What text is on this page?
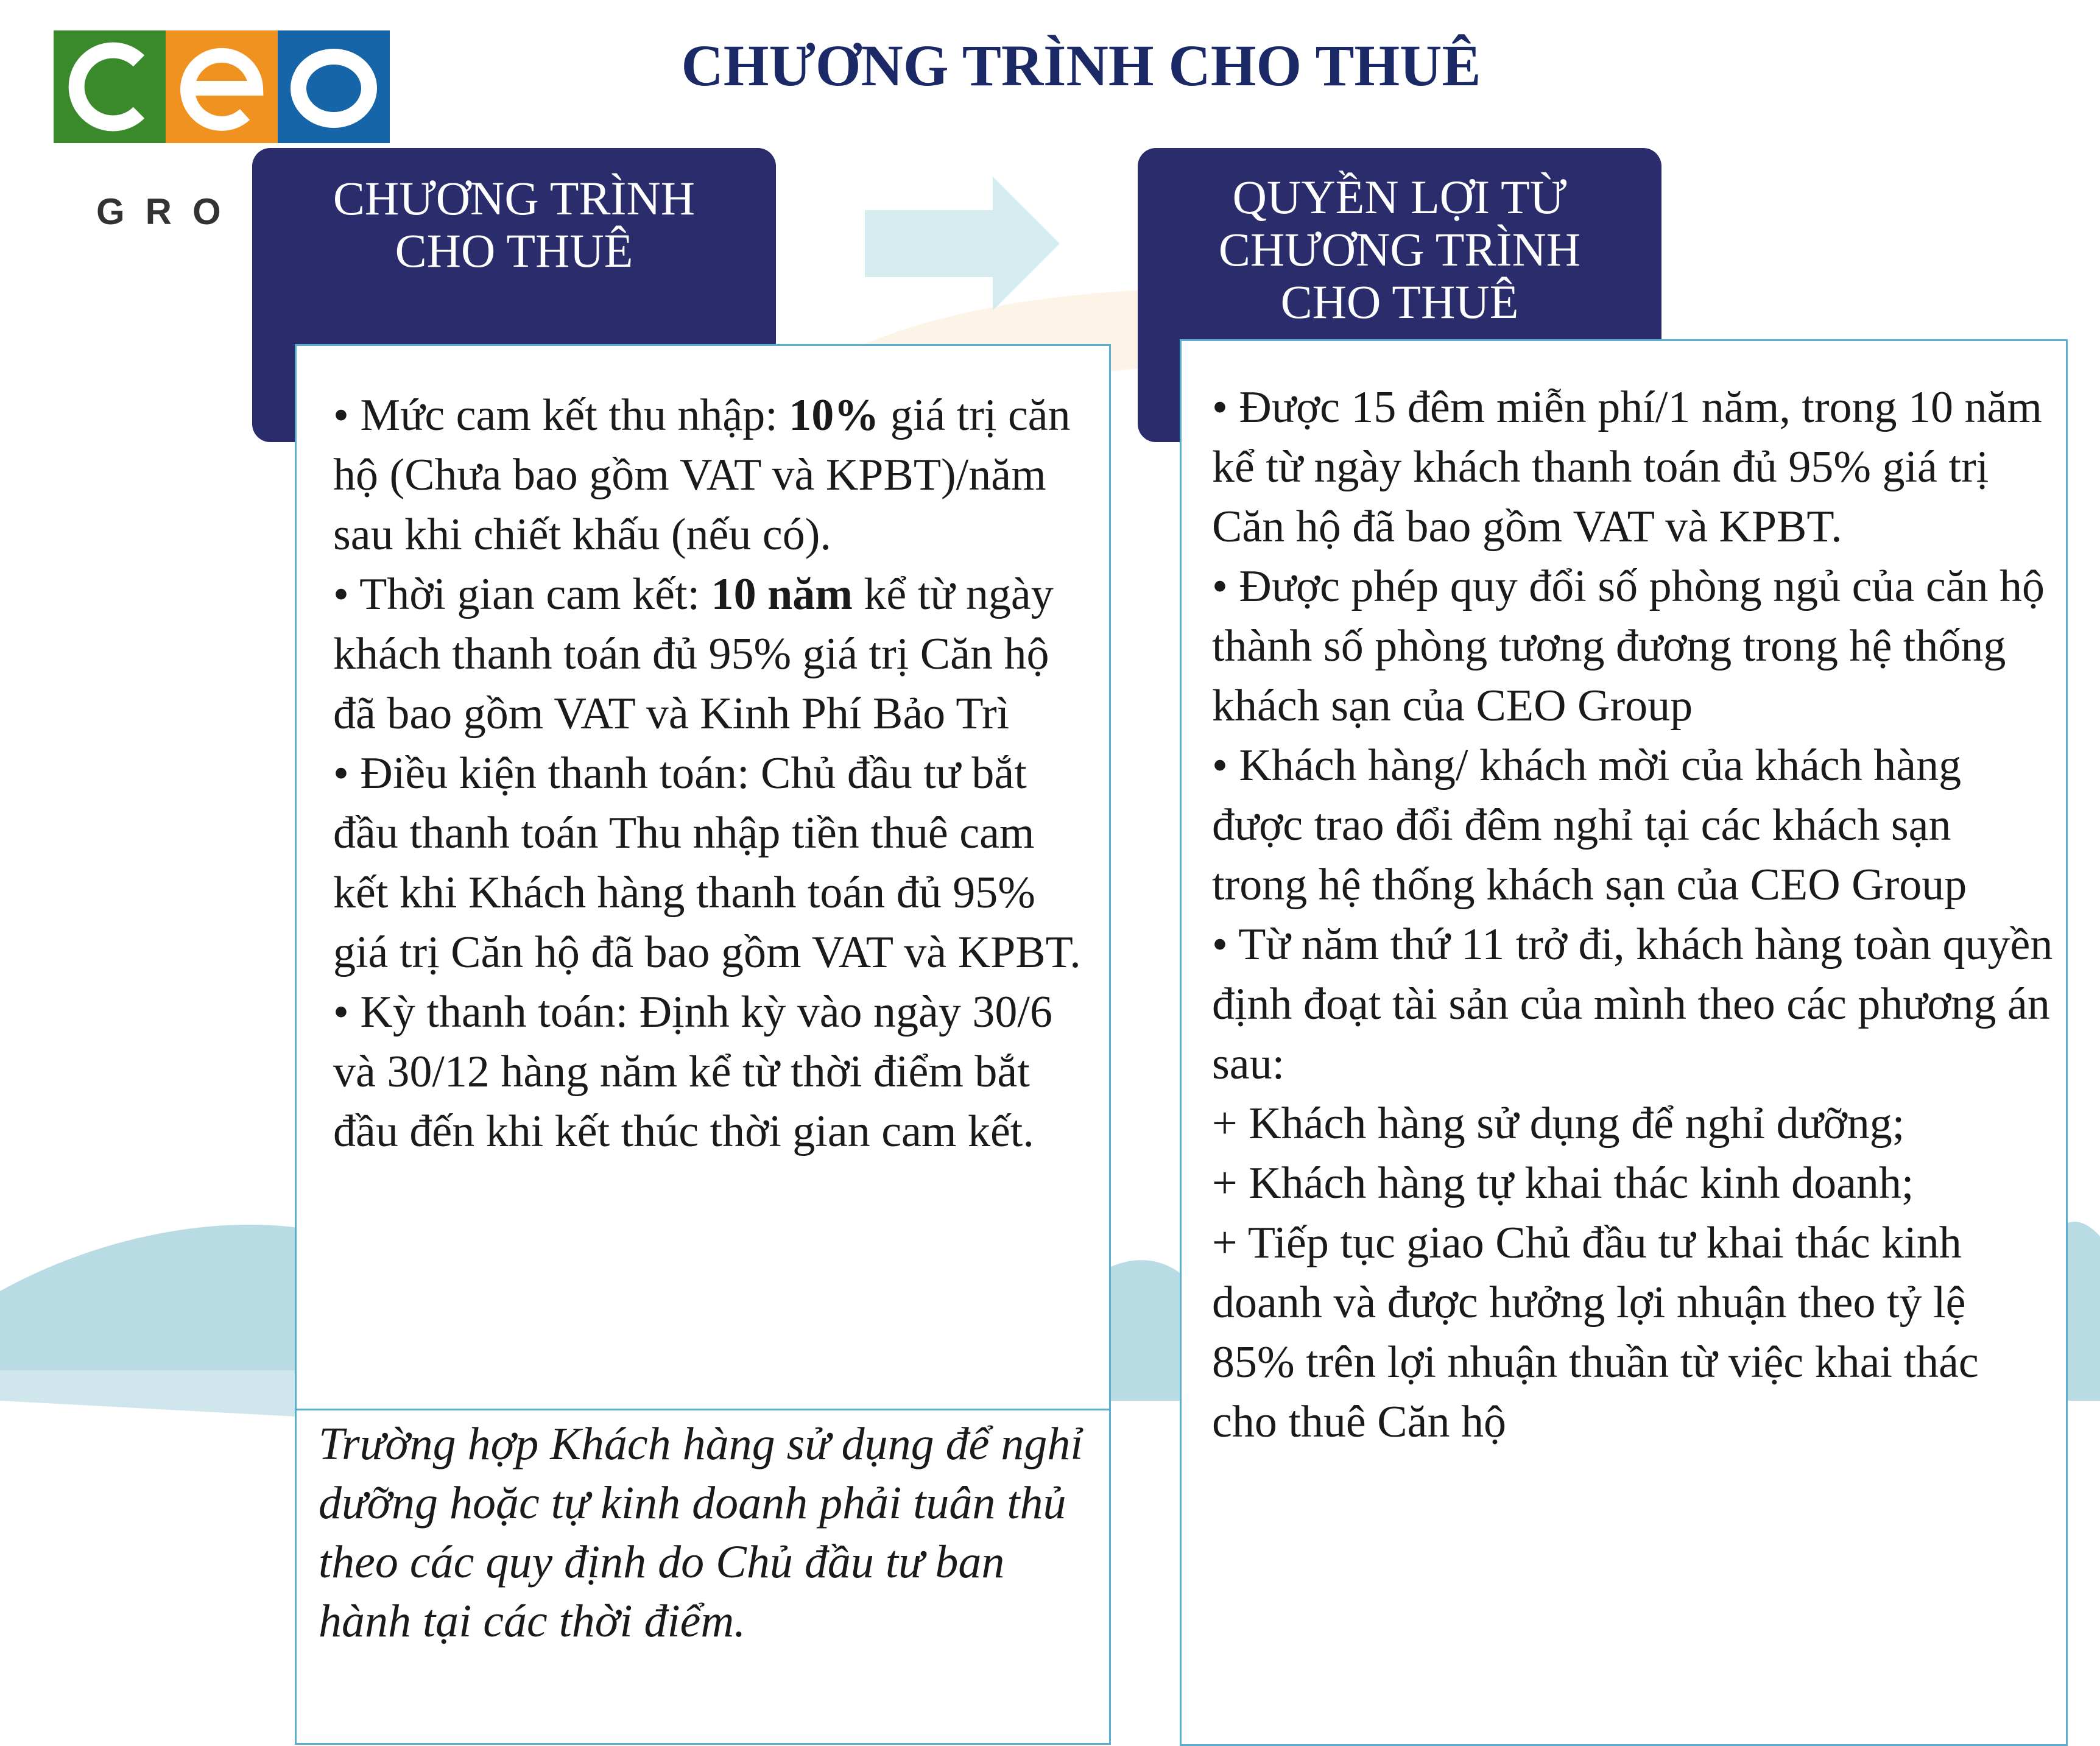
GRO
CHƯƠNG TRÌNH CHO THUÊ
CHƯƠNG TRÌNH
CHO THUÊ
QUYỀN LỢI TỪ
CHƯƠNG TRÌNH
CHO THUÊ

• Mức cam kết thu nhập: 10% giá trị căn hộ (Chưa bao gồm VAT và KPBT)/năm sau khi chiết khấu (nếu có).

• Thời gian cam kết: 10 năm kể từ ngày khách thanh toán đủ 95% giá trị Căn hộ đã bao gồm VAT và Kinh Phí Bảo Trì

• Điều kiện thanh toán: Chủ đầu tư bắt đầu thanh toán Thu nhập tiền thuê cam kết khi Khách hàng thanh toán đủ 95% giá trị Căn hộ đã bao gồm VAT và KPBT.

• Kỳ thanh toán: Định kỳ vào ngày 30/6 và 30/12 hàng năm kể từ thời điểm bắt đầu đến khi kết thúc thời gian cam kết.

Trường hợp Khách hàng sử dụng để nghỉ dưỡng hoặc tự kinh doanh phải tuân thủ theo các quy định do Chủ đầu tư ban hành tại các thời điểm.

• Được 15 đêm miễn phí/1 năm, trong 10 năm kể từ ngày khách thanh toán đủ 95% giá trị Căn hộ đã bao gồm VAT và KPBT.

• Được phép quy đổi số phòng ngủ của căn hộ thành số phòng tương đương trong hệ thống khách sạn của CEO Group

• Khách hàng/ khách mời của khách hàng được trao đổi đêm nghỉ tại các khách sạn trong hệ thống khách sạn của CEO Group

• Từ năm thứ 11 trở đi, khách hàng toàn quyền định đoạt tài sản của mình theo các phương án sau:

+ Khách hàng sử dụng để nghỉ dưỡng;

+ Khách hàng tự khai thác kinh doanh;

+ Tiếp tục giao Chủ đầu tư khai thác kinh doanh và được hưởng lợi nhuận theo tỷ lệ 85% trên lợi nhuận thuần từ việc khai thác cho thuê Căn hộ
